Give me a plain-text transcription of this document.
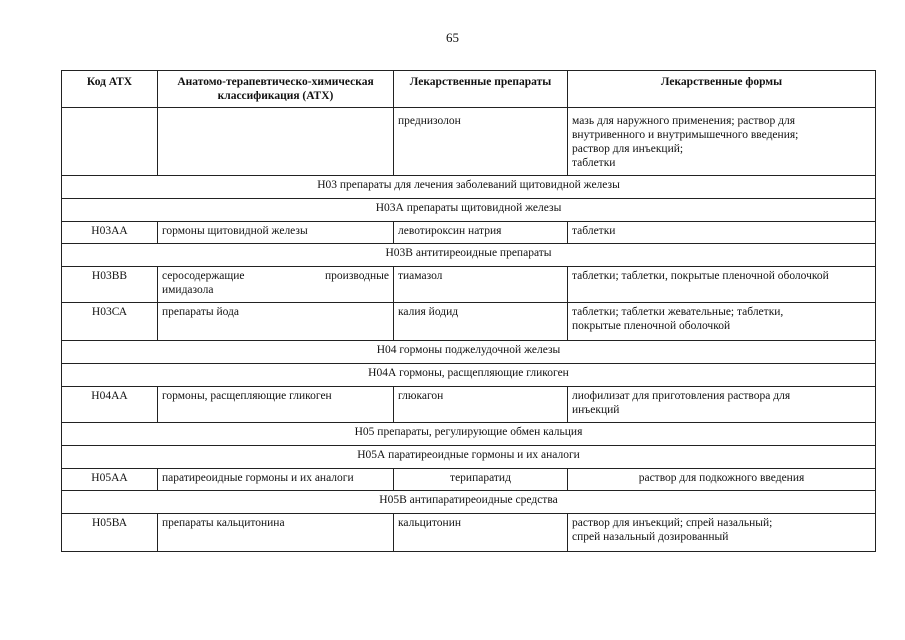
65
Код АТХ	Анатомо-терапевтическо-химическая классификация (АТХ)	Лекарственные препараты	Лекарственные формы
		преднизолон	мазь для наружного применения; раствор для
внутривенного и внутримышечного введения;
раствор для инъекций;
таблетки
Н03 препараты для лечения заболеваний щитовидной железы			
Н03А препараты щитовидной железы			
Н03АА	гормоны щитовидной железы	левотироксин натрия	таблетки
Н03В антитиреоидные препараты			
Н03ВВ	серосодержащие производные
имидазола	тиамазол	таблетки; таблетки, покрытые пленочной оболочкой
Н03СА	препараты йода	калия йодид	таблетки; таблетки жевательные; таблетки,
покрытые пленочной оболочкой
Н04 гормоны поджелудочной железы			
Н04А гормоны, расщепляющие гликоген			
Н04АА	гормоны, расщепляющие гликоген	глюкагон	лиофилизат для приготовления раствора для
инъекций
Н05 препараты, регулирующие обмен кальция			
Н05А паратиреоидные гормоны и их аналоги			
Н05АА	паратиреоидные гормоны и их аналоги	терипаратид	раствор для подкожного введения
Н05В антипаратиреоидные средства			
Н05ВА	препараты кальцитонина	кальцитонин	раствор для инъекций; спрей назальный;
спрей назальный дозированный
